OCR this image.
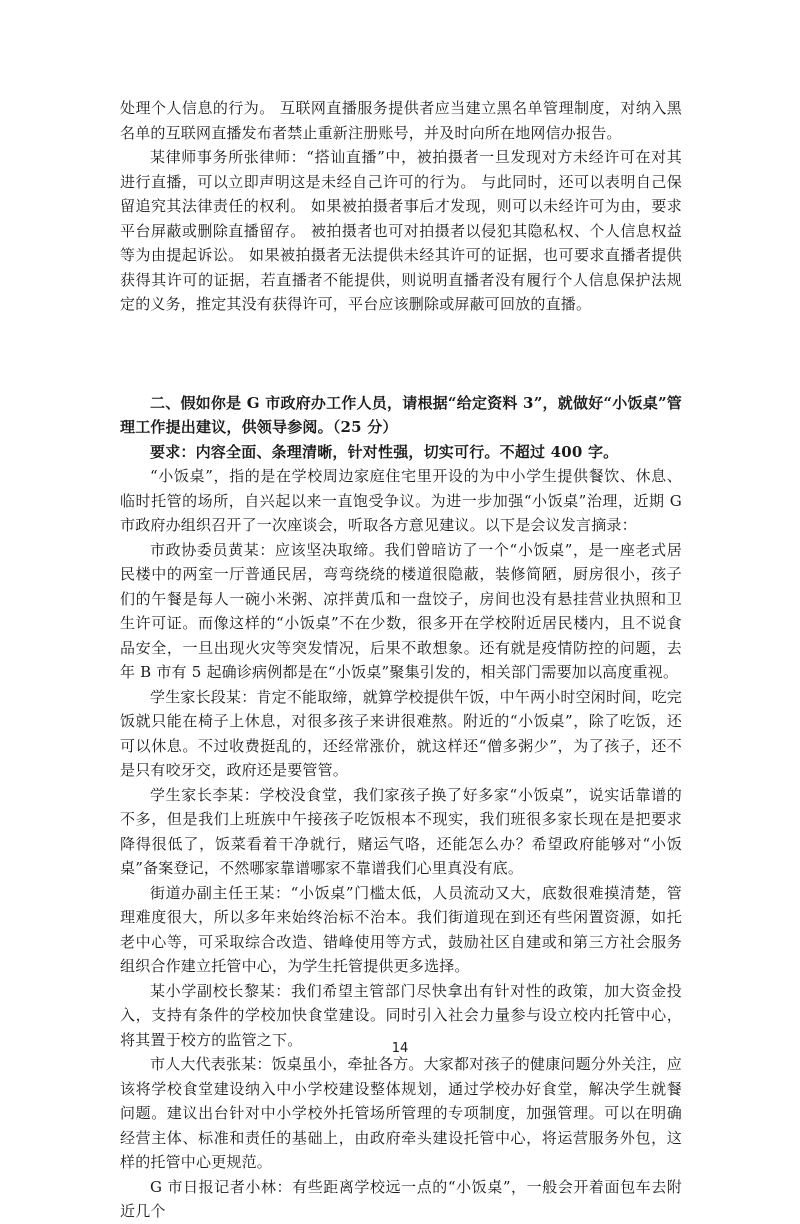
处理个人信息的行为。 互联网直播服务提供者应当建立黑名单管理制度，对纳入黑名单的互联网直播发布者禁止重新注册账号，并及时向所在地网信办报告。

某律师事务所张律师：“搭讪直播”中，被拍摄者一旦发现对方未经许可在对其进行直播，可以立即声明这是未经自己许可的行为。 与此同时，还可以表明自己保留追究其法律责任的权利。 如果被拍摄者事后才发现，则可以未经许可为由，要求平台屏蔽或删除直播留存。 被拍摄者也可对拍摄者以侵犯其隐私权、个人信息权益等为由提起诉讼。 如果被拍摄者无法提供未经其许可的证据，也可要求直播者提供获得其许可的证据，若直播者不能提供，则说明直播者没有履行个人信息保护法规定的义务，推定其没有获得许可，平台应该删除或屏蔽可回放的直播。

二、假如你是 G 市政府办工作人员，请根据“给定资料 3”，就做好“小饭桌”管理工作提出建议，供领导参阅。（25 分）

要求：内容全面、条理清晰，针对性强，切实可行。不超过 400 字。

“小饭桌”，指的是在学校周边家庭住宅里开设的为中小学生提供餐饮、休息、临时托管的场所，自兴起以来一直饱受争议。为进一步加强“小饭桌”治理，近期 G 市政府办组织召开了一次座谈会，听取各方意见建议。以下是会议发言摘录：

市政协委员黄某：应该坚决取缔。我们曾暗访了一个“小饭桌”，是一座老式居民楼中的两室一厅普通民居，弯弯绕绕的楼道很隐蔽，装修简陋，厨房很小，孩子们的午餐是每人一碗小米粥、凉拌黄瓜和一盘饺子，房间也没有悬挂营业执照和卫生许可证。而像这样的“小饭桌”不在少数，很多开在学校附近居民楼内，且不说食品安全，一旦出现火灾等突发情况，后果不敢想象。还有就是疫情防控的问题，去年 B 市有 5 起确诊病例都是在“小饭桌”聚集引发的，相关部门需要加以高度重视。

学生家长段某：肯定不能取缔，就算学校提供午饭，中午两小时空闲时间，吃完饭就只能在椅子上休息，对很多孩子来讲很难熬。附近的“小饭桌”，除了吃饭，还可以休息。不过收费挺乱的，还经常涨价，就这样还“僧多粥少”，为了孩子，还不是只有咬牙交，政府还是要管管。

学生家长李某：学校没食堂，我们家孩子换了好多家“小饭桌”，说实话靠谱的不多，但是我们上班族中午接孩子吃饭根本不现实，我们班很多家长现在是把要求降得很低了，饭菜看着干净就行，赌运气咯，还能怎么办？希望政府能够对“小饭桌”备案登记，不然哪家靠谱哪家不靠谱我们心里真没有底。

街道办副主任王某：“小饭桌”门槛太低，人员流动又大，底数很难摸清楚，管理难度很大，所以多年来始终治标不治本。我们街道现在到还有些闲置资源，如托老中心等，可采取综合改造、错峰使用等方式，鼓励社区自建或和第三方社会服务组织合作建立托管中心，为学生托管提供更多选择。

某小学副校长黎某：我们希望主管部门尽快拿出有针对性的政策，加大资金投入，支持有条件的学校加快食堂建设。同时引入社会力量参与设立校内托管中心，将其置于校方的监管之下。

市人大代表张某：饭桌虽小，牵扯各方。大家都对孩子的健康问题分外关注，应该将学校食堂建设纳入中小学校建设整体规划，通过学校办好食堂，解决学生就餐问题。建议出台针对中小学校外托管场所管理的专项制度，加强管理。可以在明确经营主体、标准和责任的基础上，由政府牵头建设托管中心，将运营服务外包，这样的托管中心更规范。

G 市日报记者小林：有些距离学校远一点的“小饭桌”，一般会开着面包车去附近几个

14
